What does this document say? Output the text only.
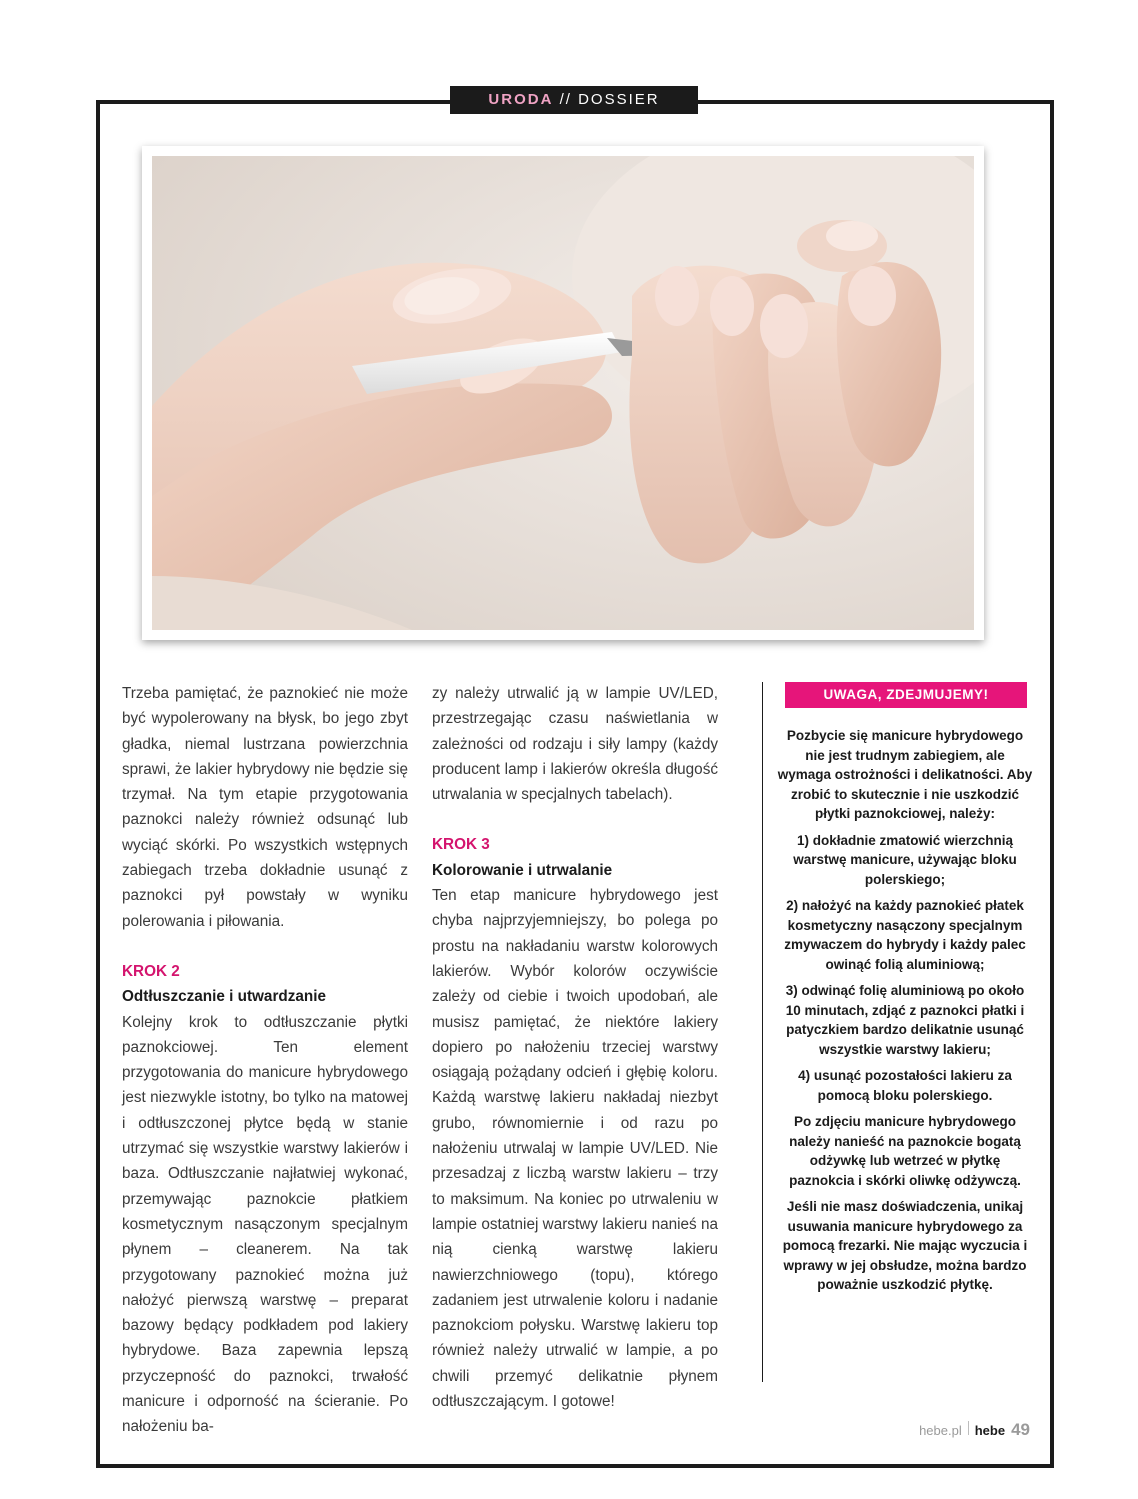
URODA // DOSSIER

Trzeba pamiętać, że paznokieć nie może być wypolerowany na błysk, bo jego zbyt gładka, niemal lustrzana powierzchnia sprawi, że lakier hybrydowy nie będzie się trzymał. Na tym etapie przygotowania paznokci należy również odsunąć lub wyciąć skórki. Po wszystkich wstępnych zabiegach trzeba dokładnie usunąć z paznokci pył powstały w wyniku polerowania i piłowania.

KROK 2
Odtłuszczanie i utwardzanie

Kolejny krok to odtłuszczanie płytki paznokciowej. Ten element przygotowania do manicure hybrydowego jest niezwykle istotny, bo tylko na matowej i odtłuszczonej płytce będą w stanie utrzymać się wszystkie warstwy lakierów i baza. Odtłuszczanie najłatwiej wykonać, przemywając paznokcie płatkiem kosmetycznym nasączonym specjalnym płynem – cleanerem. Na tak przygotowany paznokieć można już nałożyć pierwszą warstwę – preparat bazowy będący podkładem pod lakiery hybrydowe. Baza zapewnia lepszą przyczepność do paznokci, trwałość manicure i odporność na ścieranie. Po nałożeniu ba-

zy należy utrwalić ją w lampie UV/LED, przestrzegając czasu naświetlania w zależności od rodzaju i siły lampy (każdy producent lamp i lakierów określa długość utrwalania w specjalnych tabelach).

KROK 3
Kolorowanie i utrwalanie

Ten etap manicure hybrydowego jest chyba najprzyjemniejszy, bo polega po prostu na nakładaniu warstw kolorowych lakierów. Wybór kolorów oczywiście zależy od ciebie i twoich upodobań, ale musisz pamiętać, że niektóre lakiery dopiero po nałożeniu trzeciej warstwy osiągają pożądany odcień i głębię koloru. Każdą warstwę lakieru nakładaj niezbyt grubo, równomiernie i od razu po nałożeniu utrwalaj w lampie UV/LED. Nie przesadzaj z liczbą warstw lakieru – trzy to maksimum. Na koniec po utrwaleniu w lampie ostatniej warstwy lakieru nanieś na nią cienką warstwę lakieru nawierzchniowego (topu), którego zadaniem jest utrwalenie koloru i nadanie paznokciom połysku. Warstwę lakieru top również należy utrwalić w lampie, a po chwili przemyć delikatnie płynem odtłuszczającym. I gotowe!

UWAGA, ZDEJMUJEMY!

Pozbycie się manicure hybrydowego nie jest trudnym zabiegiem, ale wymaga ostrożności i delikatności. Aby zrobić to skutecznie i nie uszkodzić płytki paznokciowej, należy:

1) dokładnie zmatowić wierzchnią warstwę manicure, używając bloku polerskiego;

2) nałożyć na każdy paznokieć płatek kosmetyczny nasączony specjalnym zmywaczem do hybrydy i każdy palec owinąć folią aluminiową;

3) odwinąć folię aluminiową po około 10 minutach, zdjąć z paznokci płatki i patyczkiem bardzo delikatnie usunąć wszystkie warstwy lakieru;

4) usunąć pozostałości lakieru za pomocą bloku polerskiego.

Po zdjęciu manicure hybrydowego należy nanieść na paznokcie bogatą odżywkę lub wetrzeć w płytkę paznokcia i skórki oliwkę odżywczą.

Jeśli nie masz doświadczenia, unikaj usuwania manicure hybrydowego za pomocą frezarki. Nie mając wyczucia i wprawy w jej obsłudze, można bardzo poważnie uszkodzić płytkę.

hebe.pl hebe 49
